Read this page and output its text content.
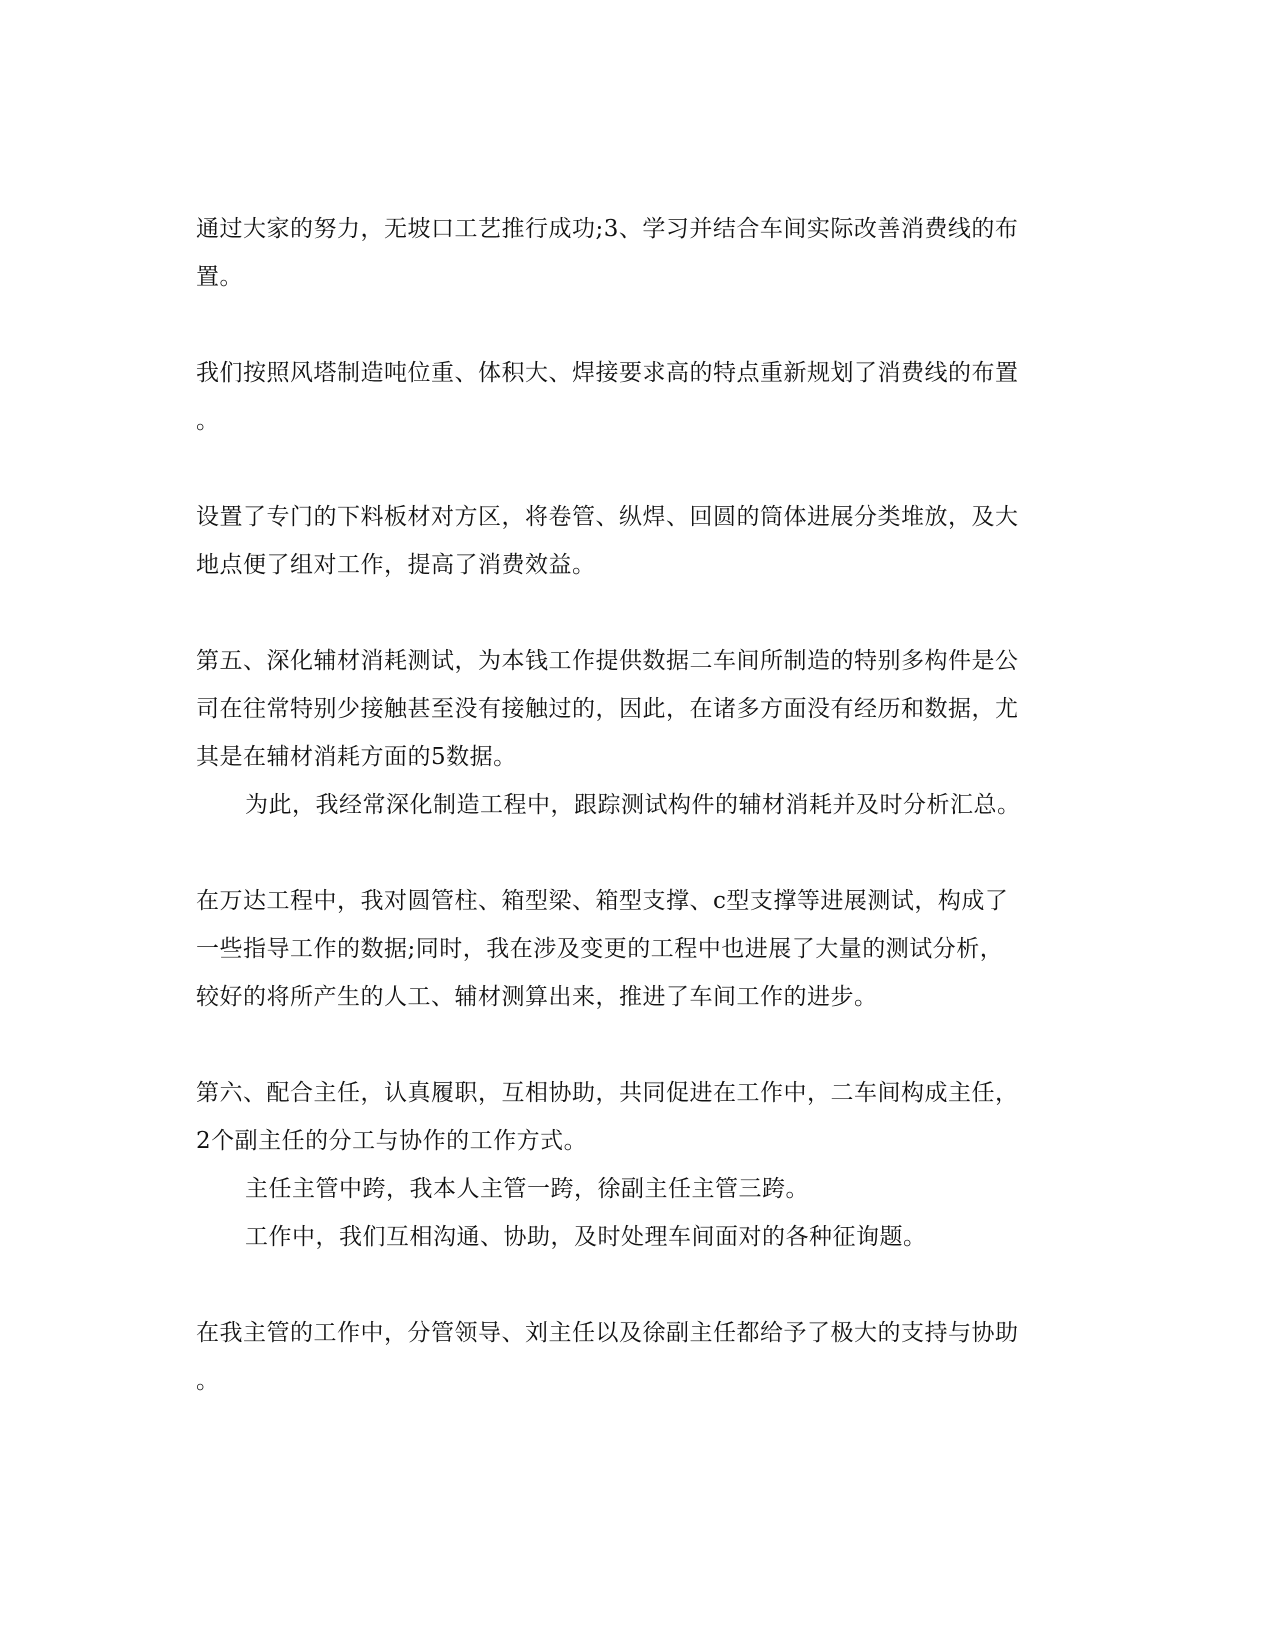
通过大家的努力，无坡口工艺推行成功;3、学习并结合车间实际改善消费线的布
置。

我们按照风塔制造吨位重、体积大、焊接要求高的特点重新规划了消费线的布置
。

设置了专门的下料板材对方区，将卷管、纵焊、回圆的筒体进展分类堆放，及大
地点便了组对工作，提高了消费效益。

第五、深化辅材消耗测试，为本钱工作提供数据二车间所制造的特别多构件是公
司在往常特别少接触甚至没有接触过的，因此，在诸多方面没有经历和数据，尤
其是在辅材消耗方面的5数据。

为此，我经常深化制造工程中，跟踪测试构件的辅材消耗并及时分析汇总。

在万达工程中，我对圆管柱、箱型梁、箱型支撑、c型支撑等进展测试，构成了
一些指导工作的数据;同时，我在涉及变更的工程中也进展了大量的测试分析，
较好的将所产生的人工、辅材测算出来，推进了车间工作的进步。

第六、配合主任，认真履职，互相协助，共同促进在工作中，二车间构成主任，
2个副主任的分工与协作的工作方式。

主任主管中跨，我本人主管一跨，徐副主任主管三跨。

工作中，我们互相沟通、协助，及时处理车间面对的各种征询题。

在我主管的工作中，分管领导、刘主任以及徐副主任都给予了极大的支持与协助
。
